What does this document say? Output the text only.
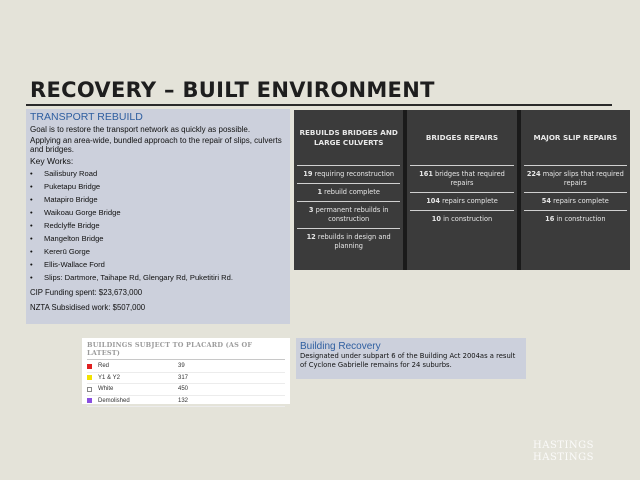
RECOVERY – BUILT ENVIRONMENT
TRANSPORT REBUILD
Goal is to restore the transport network as quickly as possible.
Applying an area-wide, bundled approach to the repair of slips, culverts and bridges.
Key Works:
•	Sailisbury Road
•	Puketapu Bridge
•	Matapiro Bridge
•	Waikoau Gorge Bridge
•	Redclyffe Bridge
•	Mangelton Bridge
•	Kererū Gorge
•	Ellis-Wallace Ford
•	Slips: Dartmore, Taihape Rd, Glengary Rd, Puketitiri Rd.
CIP Funding spent: $23,673,000
NZTA Subsidised work: $507,000
REBUILDS BRIDGES AND LARGE CULVERTS
19 requiring reconstruction
1 rebuild complete
3 permanent rebuilds in construction
12 rebuilds in design and planning
BRIDGES REPAIRS
161 bridges that required repairs
104 repairs complete
10 in construction
MAJOR SLIP REPAIRS
224 major slips that required repairs
54 repairs complete
16 in construction
BUILDINGS SUBJECT TO PLACARD (AS OF LATEST)
Red	39
Y1 & Y2	317
White	450
Demolished	132
Building Recovery
Designated under subpart 6 of the Building Act 2004as a result of Cyclone Gabrielle remains for 24 suburbs.
HASTINGS
HASTINGS
